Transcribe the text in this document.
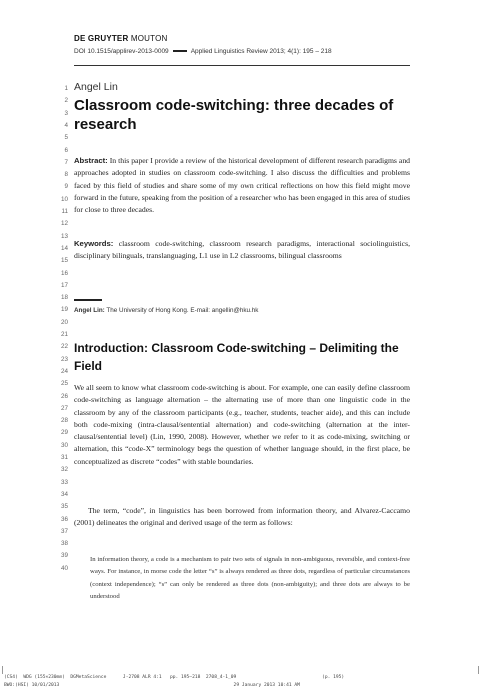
DE GRUYTER MOUTON
DOI 10.1515/applirev-2013-0009	Applied Linguistics Review 2013; 4(1): 195 – 218
1
2
3
4
5
6
7
8
9
10
11
12
13
14
15
16
17
18
19
20
21
22
23
24
25
26
27
28
29
30
31
32
33
34
35
36
37
38
39
40
Angel Lin
Classroom code-switching: three decades of research
Abstract: In this paper I provide a review of the historical development of different research paradigms and approaches adopted in studies on classroom code-switching. I also discuss the difficulties and problems faced by this field of studies and share some of my own critical reflections on how this field might move forward in the future, speaking from the position of a researcher who has been engaged in this area of studies for close to three decades.
Keywords: classroom code-switching, classroom research paradigms, interactional sociolinguistics, disciplinary bilinguals, translanguaging, L1 use in L2 classrooms, bilingual classrooms
Angel Lin: The University of Hong Kong. E-mail: angellin@hku.hk
Introduction: Classroom Code-switching – Delimiting the Field
We all seem to know what classroom code-switching is about. For example, one can easily define classroom code-switching as language alternation – the alternating use of more than one linguistic code in the classroom by any of the classroom participants (e.g., teacher, students, teacher aide), and this can include both code-mixing (intra-clausal/sentential alternation) and code-switching (alternation at the inter-clausal/sentential level) (Lin, 1990, 2008). However, whether we refer to it as code-mixing, switching or alternation, this “code-X” terminology begs the question of whether language should, in the first place, be conceptualized as discrete “codes” with stable boundaries.
The term, “code”, in linguistics has been borrowed from information theory, and Alvarez-Caccamo (2001) delineates the original and derived usage of the term as follows:
In information theory, a code is a mechanism to pair two sets of signals in non-ambiguous, reversible, and context-free ways. For instance, in morse code the letter “s” is always rendered as three dots, regardless of particular circumstances (context independence); “s” can only be rendered as three dots (non-ambiguity); and three dots are always to be understood
(CS4)  WDG (155×230mm)  DGMetaScience      J-2708 ALR 4:1   pp. 195–218  2708_4-1_09                               (p. 195)
BWO:(HSI) 10/01/2013                                                               29 January 2013 10:41 AM
